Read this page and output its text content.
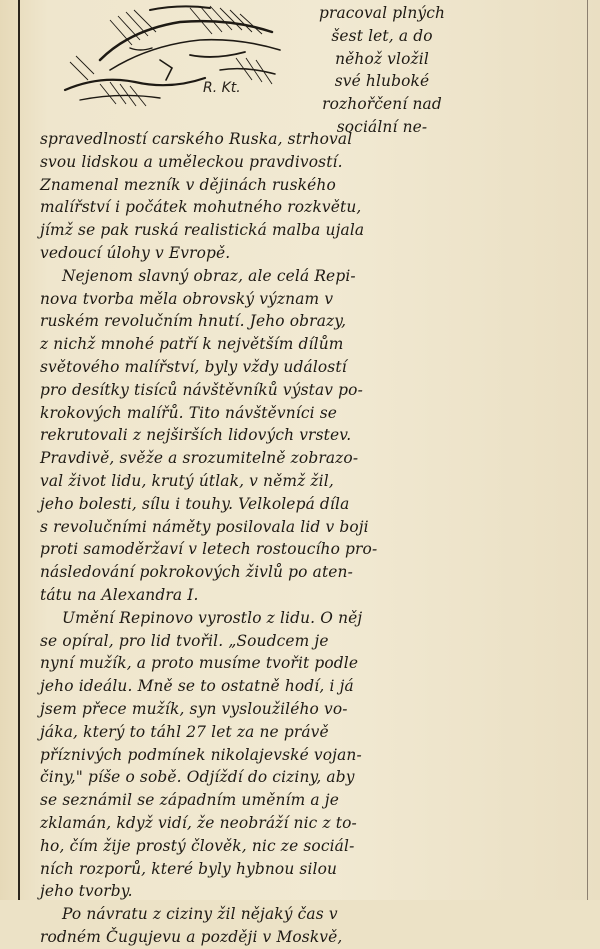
R. Kt.
pracoval plných
šest let, a do
něhož vložil
své hluboké
rozhořčení nad
sociální ne-
spravedlností carského Ruska, strhoval
svou lidskou a uměleckou pravdivostí.
Znamenal mezník v dějinách ruského
malířství i počátek mohutného rozkvětu,
jímž se pak ruská realistická malba ujala
vedoucí úlohy v Evropě.
Nejenom slavný obraz, ale celá Repi-
nova tvorba měla obrovský význam v
ruském revolučním hnutí. Jeho obrazy,
z nichž mnohé patří k největším dílům
světového malířství, byly vždy událostí
pro desítky tisíců návštěvníků výstav po-
krokových malířů. Tito návštěvníci se
rekrutovali z nejširších lidových vrstev.
Pravdivě, svěže a srozumitelně zobrazo-
val život lidu, krutý útlak, v němž žil,
jeho bolesti, sílu i touhy. Velkolepá díla
s revolučními náměty posilovala lid v boji
proti samoděržaví v letech rostoucího pro-
následování pokrokových živlů po aten-
tátu na Alexandra I.
Umění Repinovo vyrostlo z lidu. O něj
se opíral, pro lid tvořil. „Soudcem je
nyní mužík, a proto musíme tvořit podle
jeho ideálu. Mně se to ostatně hodí, i já
jsem přece mužík, syn vysloužilého vo-
jáka, který to táhl 27 let za ne právě
příznivých podmínek nikolajevské vojan-
činy," píše o sobě. Odjíždí do ciziny, aby
se seznámil se západním uměním a je
zklamán, když vidí, že neobráží nic z to-
ho, čím žije prostý člověk, nic ze sociál-
ních rozporů, které byly hybnou silou
jeho tvorby.
Po návratu z ciziny žil nějaký čas v
rodném Čugujevu a později v Moskvě,
